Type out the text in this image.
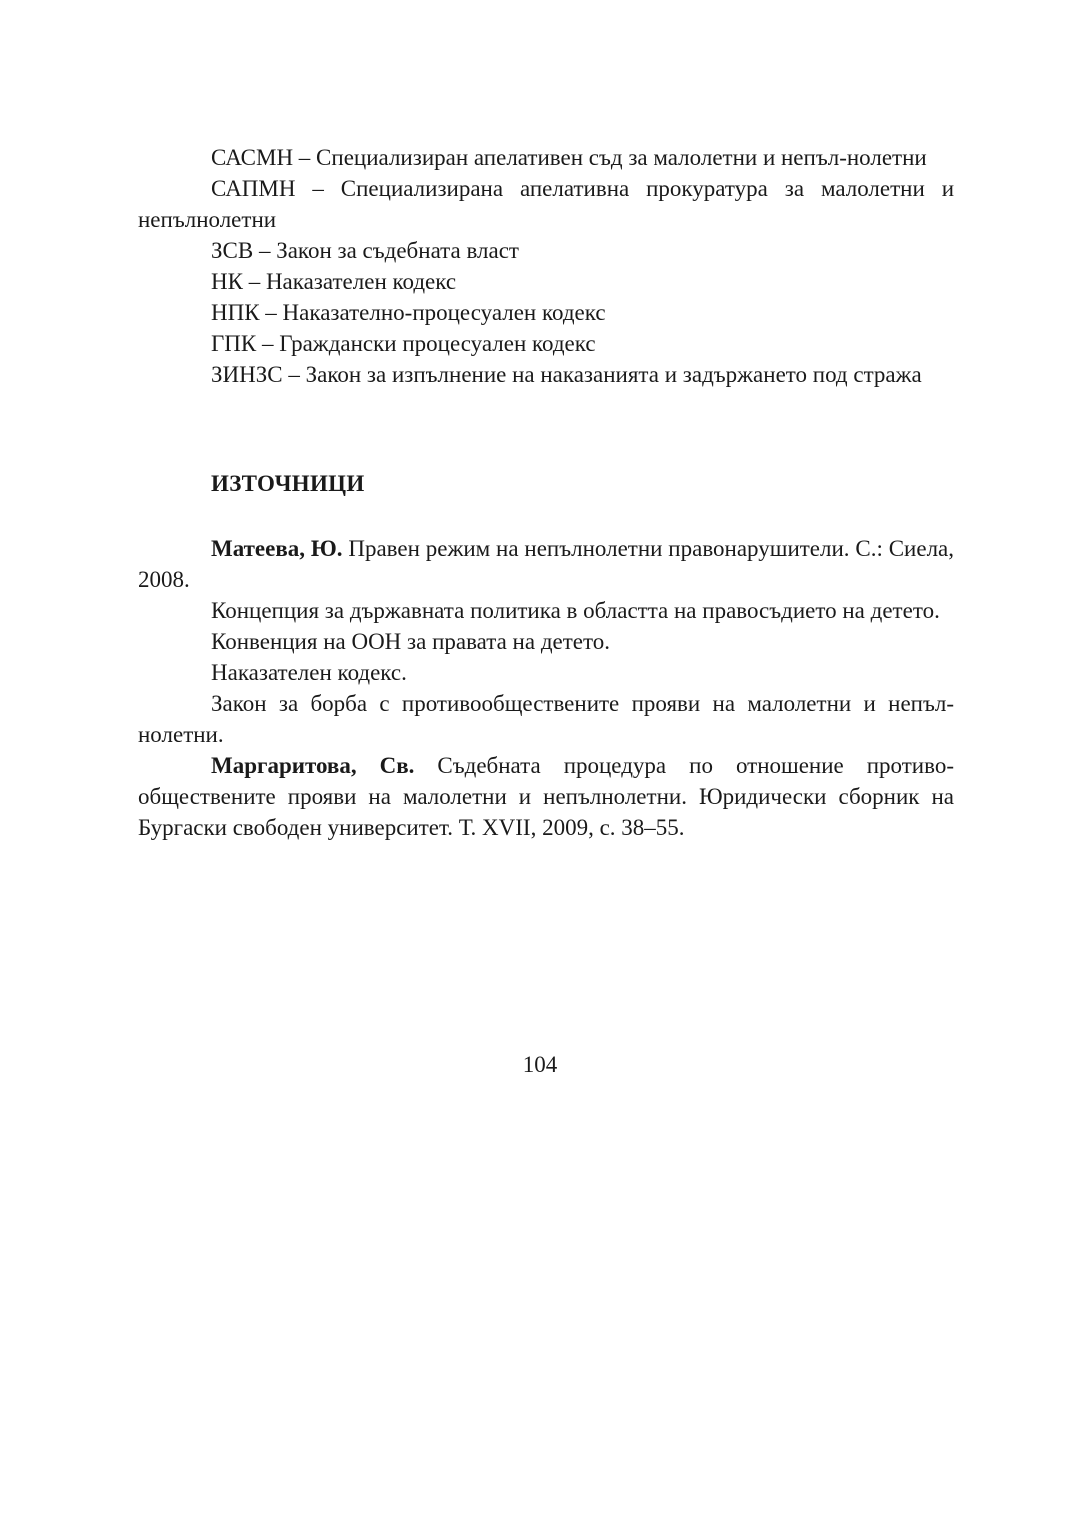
САСМН – Специализиран апелативен съд за малолетни и непъл-нолетни

САПМН – Специализирана апелативна прокуратура за малолетни и непълнолетни

ЗСВ – Закон за съдебната власт

НК – Наказателен кодекс

НПК – Наказателно-процесуален кодекс

ГПК – Граждански процесуален кодекс

ЗИНЗС – Закон за изпълнение на наказанията и задържането под стража

ИЗТОЧНИЦИ

Матеева, Ю. Правен режим на непълнолетни правонарушители. С.: Сиела, 2008.

Концепция за държавната политика в областта на правосъдието на детето.

Конвенция на ООН за правата на детето.

Наказателен кодекс.

Закон за борба с противообществените прояви на малолетни и непъл-нолетни.

Маргаритова, Св. Съдебната процедура по отношение противо-обществените прояви на малолетни и непълнолетни. Юридически сборник на Бургаски свободен университет. Т. XVII, 2009, с. 38–55.

104
